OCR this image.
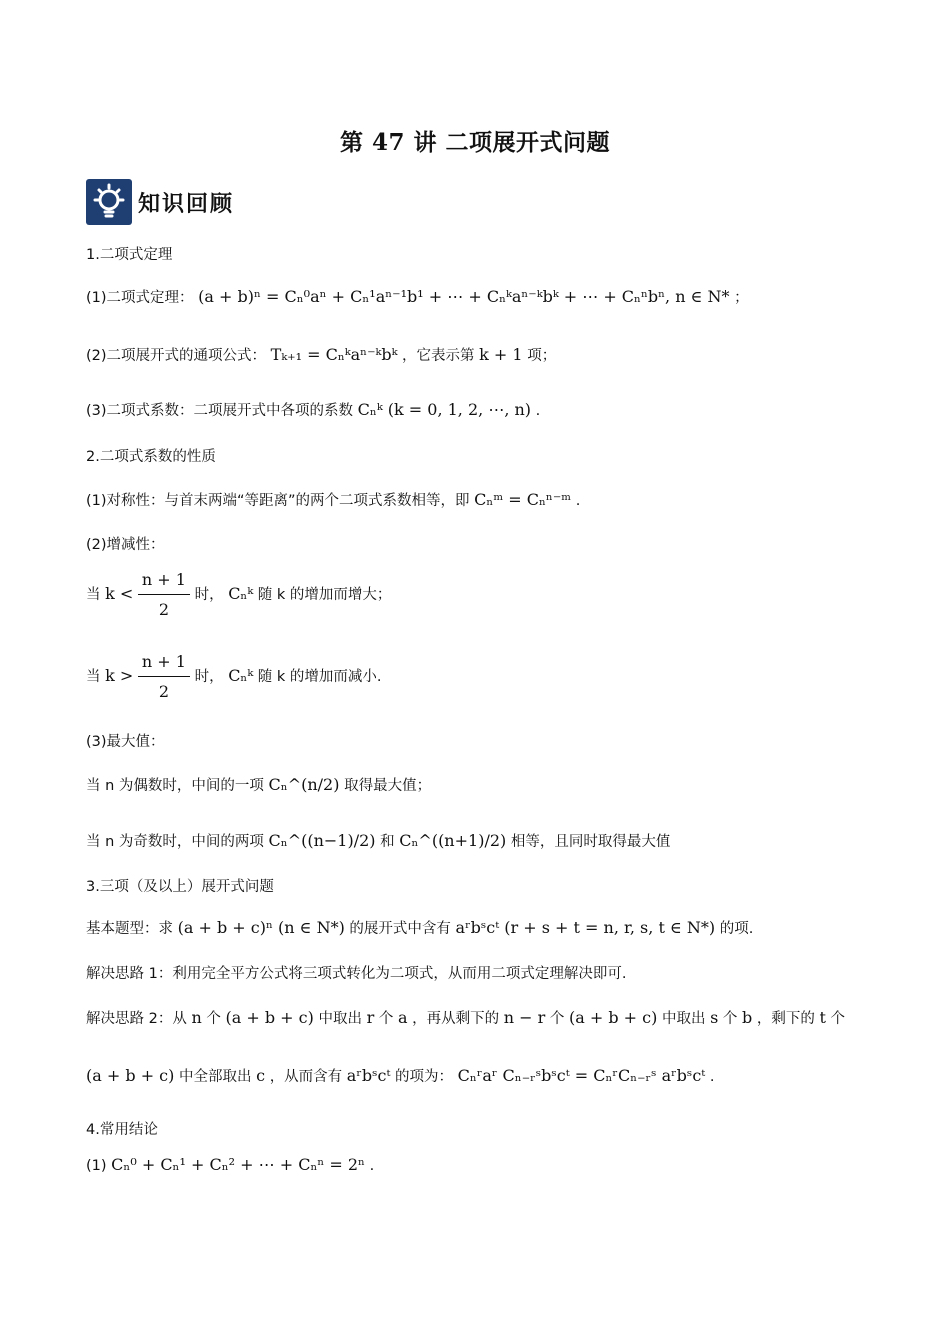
第 47 讲 二项展开式问题
知识回顾
1.二项式定理
(1)二项式定理： (a + b)ⁿ = Cₙ⁰aⁿ + Cₙ¹aⁿ⁻¹b¹ + ⋯ + Cₙᵏaⁿ⁻ᵏbᵏ + ⋯ + Cₙⁿbⁿ, n ∈ N* ；
(2)二项展开式的通项公式： Tₖ₊₁ = Cₙᵏaⁿ⁻ᵏbᵏ ，它表示第 k + 1 项；
(3)二项式系数：二项展开式中各项的系数 Cₙᵏ (k = 0, 1, 2, ⋯, n) .
2.二项式系数的性质
(1)对称性：与首末两端“等距离”的两个二项式系数相等，即 Cₙᵐ = Cₙⁿ⁻ᵐ .
(2)增减性：
当 $k < \frac{n + 1}{2}$ 时， Cₙᵏ 随 k 的增加而增大；
当 $k > \frac{n + 1}{2}$ 时， Cₙᵏ 随 k 的增加而减小.
(3)最大值：
当 n 为偶数时，中间的一项 Cₙ^(n/2) 取得最大值；
当 n 为奇数时，中间的两项 Cₙ^((n−1)/2) 和 Cₙ^((n+1)/2) 相等，且同时取得最大值
3.三项（及以上）展开式问题
基本题型：求 (a + b + c)ⁿ (n ∈ N*) 的展开式中含有 aʳbˢcᵗ (r + s + t = n, r, s, t ∈ N*) 的项.
解决思路 1：利用完全平方公式将三项式转化为二项式，从而用二项式定理解决即可.
解决思路 2：从 n 个 (a + b + c) 中取出 r 个 a ，再从剩下的 n − r 个 (a + b + c) 中取出 s 个 b ，剩下的 t 个
(a + b + c) 中全部取出 c ，从而含有 aʳbˢcᵗ 的项为： Cₙʳaʳ Cₙ₋ᵣˢbˢcᵗ = CₙʳCₙ₋ᵣˢ aʳbˢcᵗ .
4.常用结论
(1) Cₙ⁰ + Cₙ¹ + Cₙ² + ⋯ + Cₙⁿ = 2ⁿ .
